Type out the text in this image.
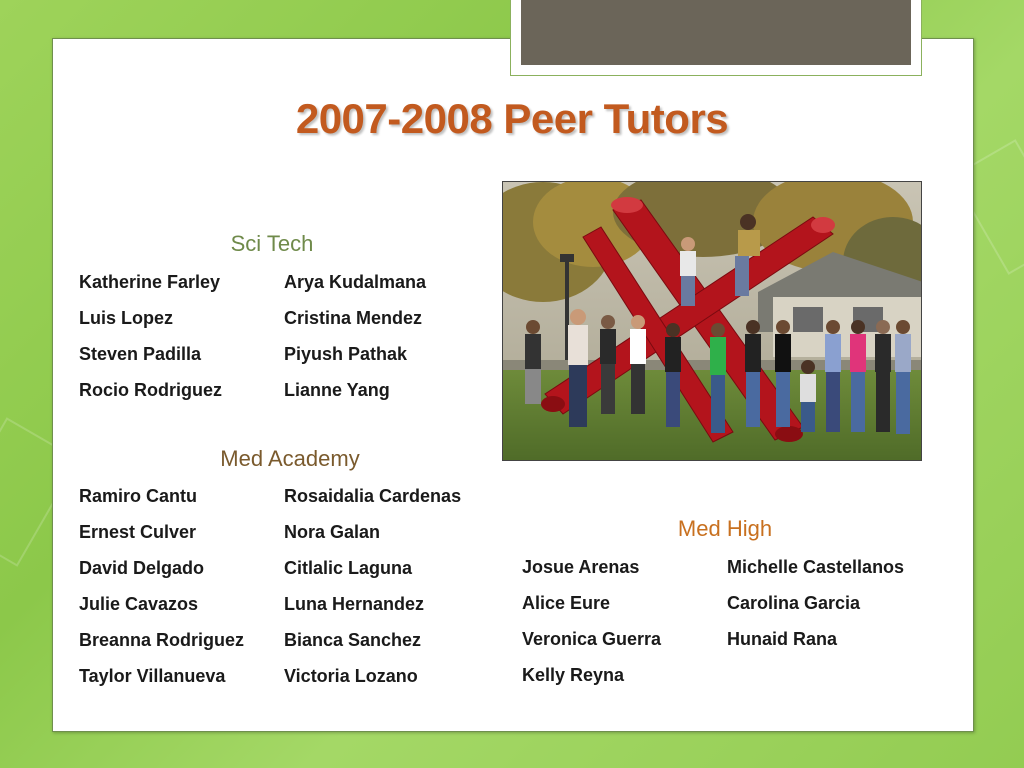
2007-2008 Peer Tutors
Sci Tech
Katherine Farley
Luis Lopez
Steven Padilla
Rocio Rodriguez
Arya Kudalmana
Cristina Mendez
Piyush Pathak
Lianne Yang
Med Academy
Ramiro Cantu
Ernest Culver
David Delgado
Julie Cavazos
Breanna Rodriguez
Taylor Villanueva
Rosaidalia Cardenas
Nora Galan
Citlalic Laguna
Luna Hernandez
Bianca Sanchez
Victoria Lozano
Med High
Josue Arenas
Alice Eure
Veronica Guerra
Kelly Reyna
Michelle Castellanos
Carolina Garcia
Hunaid Rana
